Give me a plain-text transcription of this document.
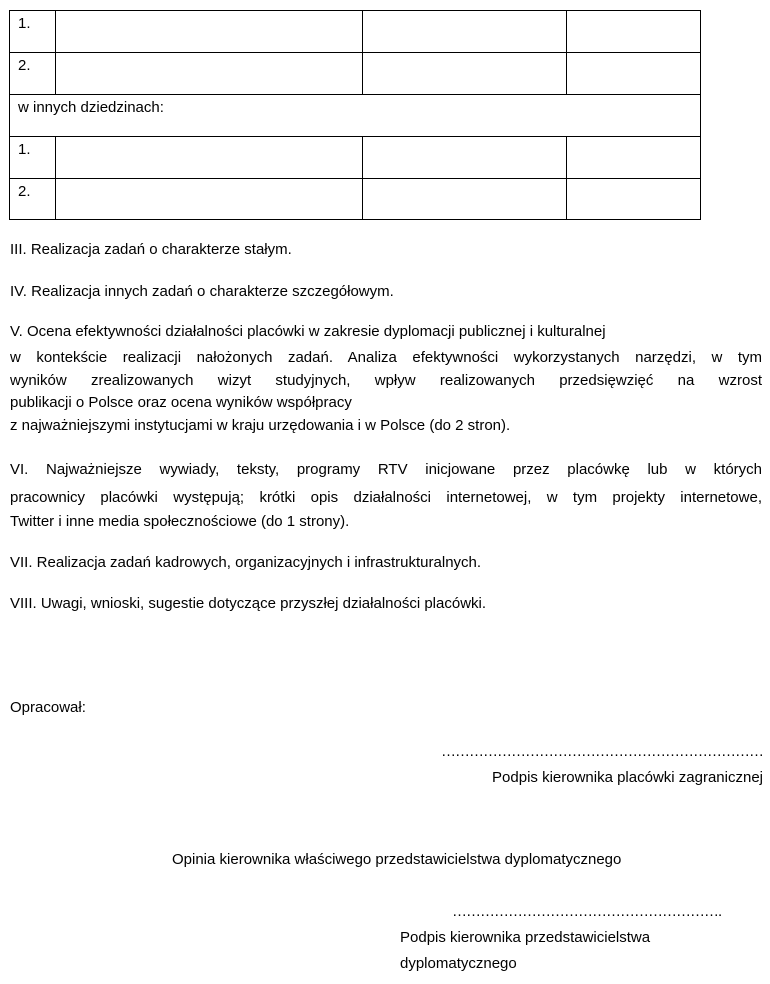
1.
2.
w innych dziedzinach:
1.
2.

III. Realizacja zadań o charakterze stałym.

IV. Realizacja innych zadań o charakterze szczegółowym.

V. Ocena efektywności działalności placówki w zakresie dyplomacji publicznej i kulturalnej

w kontekście realizacji nałożonych zadań. Analiza efektywności wykorzystanych narzędzi, w tym

wyników zrealizowanych wizyt studyjnych, wpływ realizowanych przedsięwzięć na wzrost

publikacji o Polsce oraz ocena wyników współpracy

z najważniejszymi instytucjami w kraju urzędowania i w Polsce (do 2 stron).

VI. Najważniejsze wywiady, teksty, programy RTV inicjowane przez placówkę lub w których

pracownicy placówki występują; krótki opis działalności internetowej, w tym projekty internetowe,

Twitter i inne media społecznościowe (do 1 strony).

VII. Realizacja zadań kadrowych, organizacyjnych i infrastrukturalnych.

VIII. Uwagi, wnioski, sugestie dotyczące przyszłej działalności placówki.

Opracował:
……………………………………………………………
Podpis kierownika placówki zagranicznej
Opinia kierownika właściwego przedstawicielstwa dyplomatycznego
………………………………………………….
Podpis kierownika przedstawicielstwa
dyplomatycznego
